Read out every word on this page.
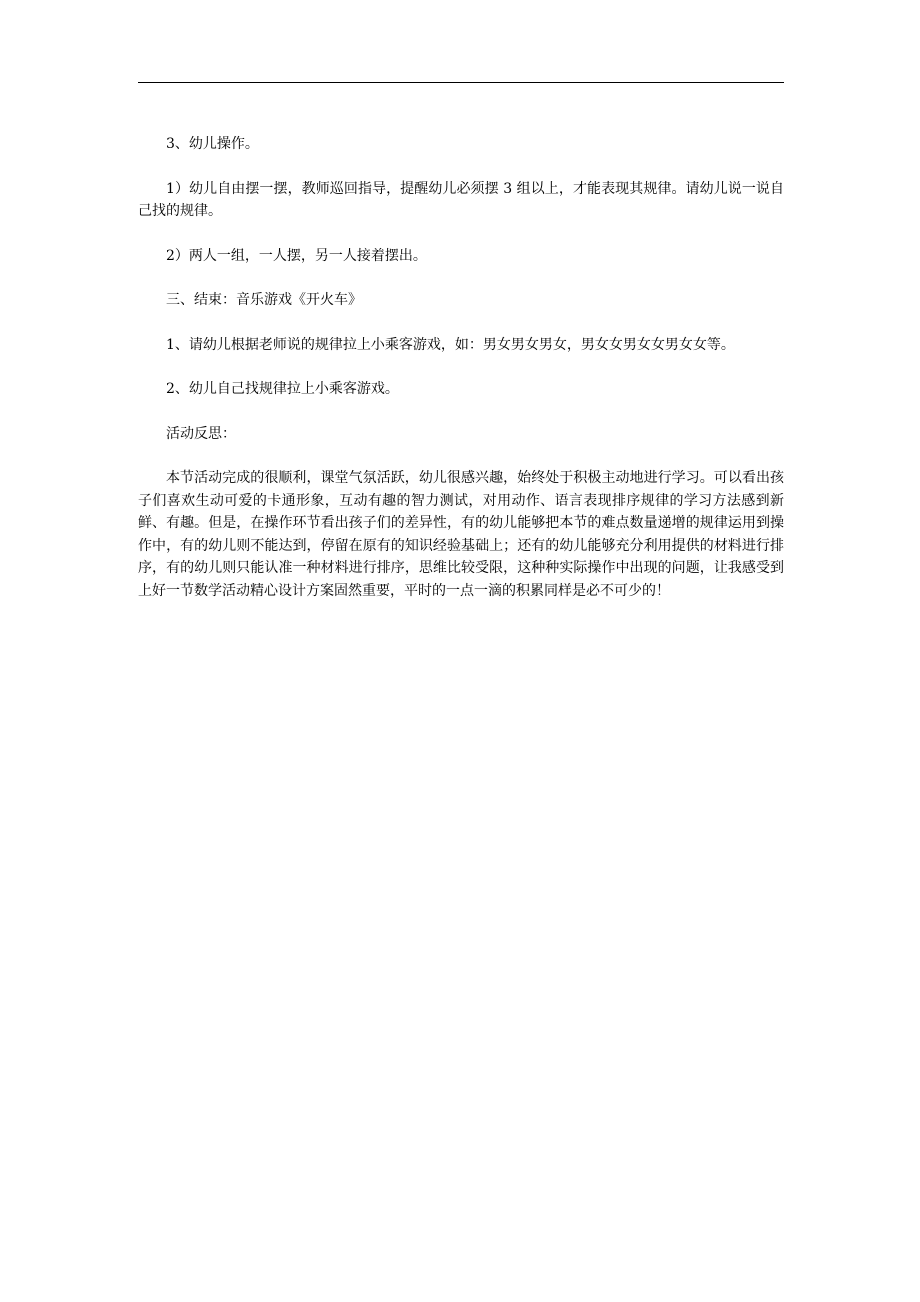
3、幼儿操作。

1）幼儿自由摆一摆，教师巡回指导，提醒幼儿必须摆 3 组以上，才能表现其规律。请幼儿说一说自己找的规律。

2）两人一组，一人摆，另一人接着摆出。

三、结束：音乐游戏《开火车》

1、请幼儿根据老师说的规律拉上小乘客游戏，如：男女男女男女，男女女男女女男女女等。

2、幼儿自己找规律拉上小乘客游戏。

活动反思：

本节活动完成的很顺利，课堂气氛活跃，幼儿很感兴趣，始终处于积极主动地进行学习。可以看出孩子们喜欢生动可爱的卡通形象，互动有趣的智力测试，对用动作、语言表现排序规律的学习方法感到新鲜、有趣。但是，在操作环节看出孩子们的差异性，有的幼儿能够把本节的难点数量递增的规律运用到操作中，有的幼儿则不能达到，停留在原有的知识经验基础上；还有的幼儿能够充分利用提供的材料进行排序，有的幼儿则只能认准一种材料进行排序，思维比较受限，这种种实际操作中出现的问题，让我感受到上好一节数学活动精心设计方案固然重要，平时的一点一滴的积累同样是必不可少的！
